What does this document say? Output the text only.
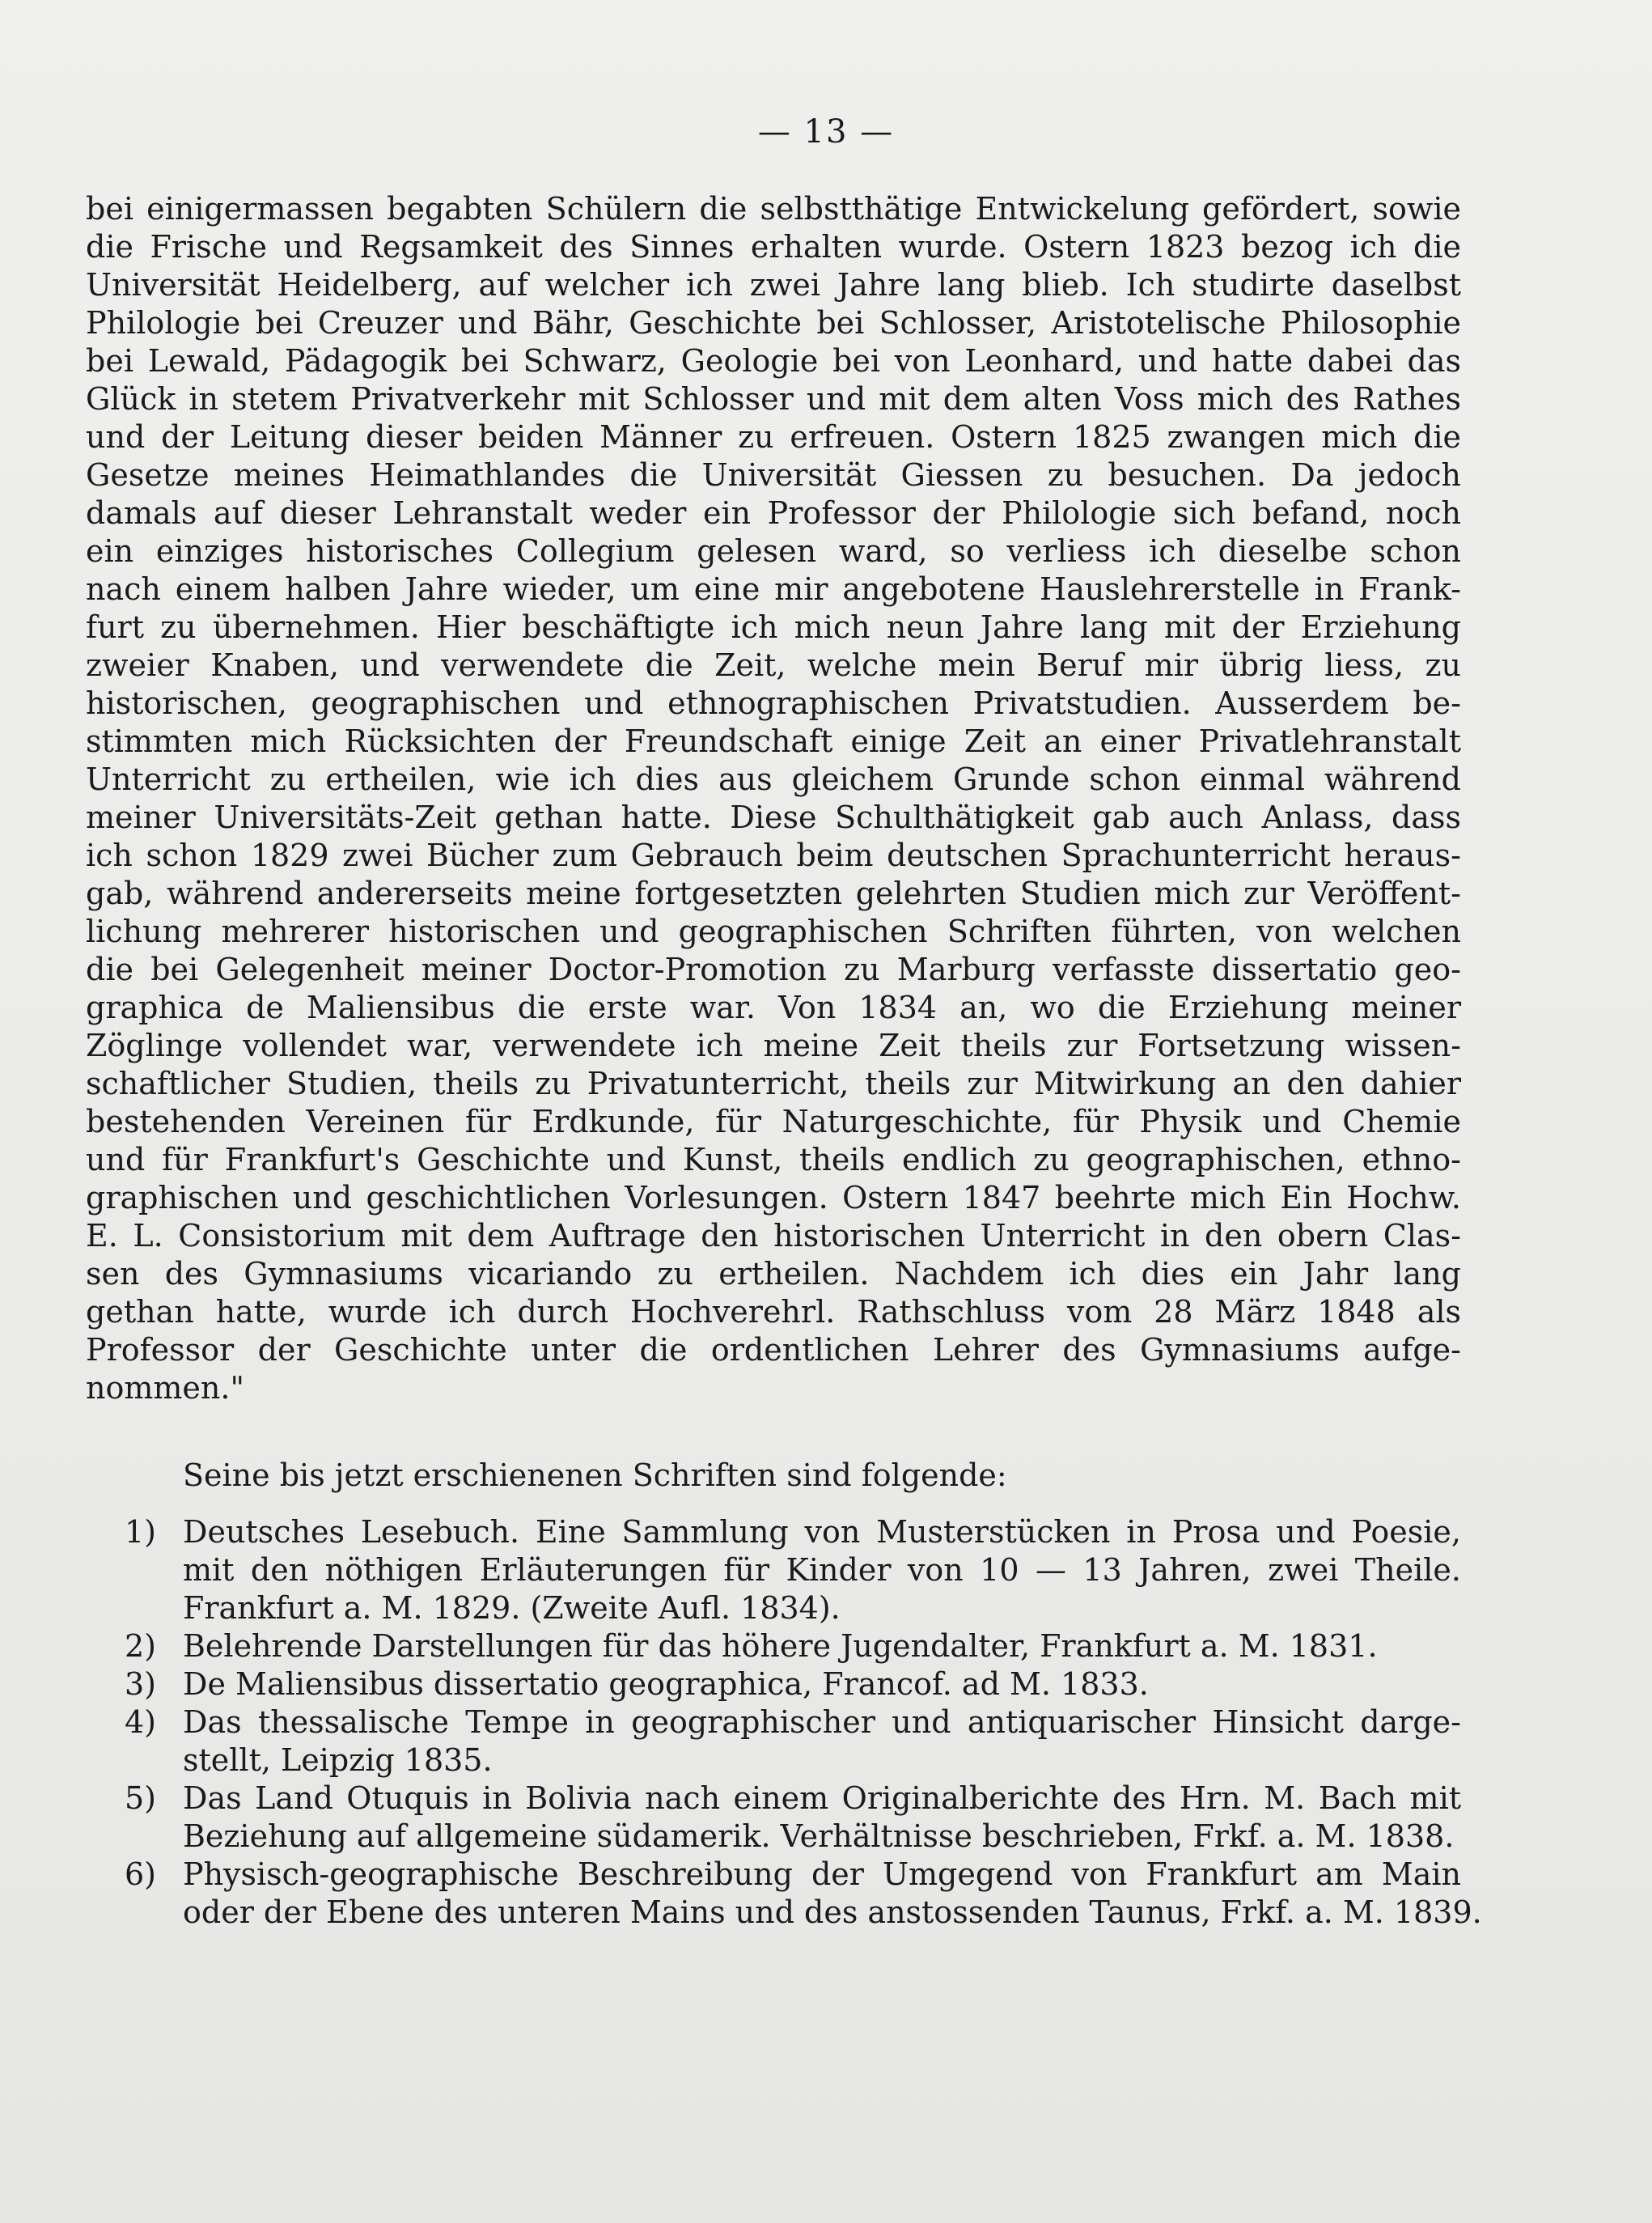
— 13 —
bei einigermassen begabten Schülern die selbstthätige Entwickelung gefördert, sowie
die Frische und Regsamkeit des Sinnes erhalten wurde. Ostern 1823 bezog ich die
Universität Heidelberg, auf welcher ich zwei Jahre lang blieb. Ich studirte daselbst
Philologie bei Creuzer und Bähr, Geschichte bei Schlosser, Aristotelische Philosophie
bei Lewald, Pädagogik bei Schwarz, Geologie bei von Leonhard, und hatte dabei das
Glück in stetem Privatverkehr mit Schlosser und mit dem alten Voss mich des Rathes
und der Leitung dieser beiden Männer zu erfreuen. Ostern 1825 zwangen mich die
Gesetze meines Heimathlandes die Universität Giessen zu besuchen. Da jedoch
damals auf dieser Lehranstalt weder ein Professor der Philologie sich befand, noch
ein einziges historisches Collegium gelesen ward, so verliess ich dieselbe schon
nach einem halben Jahre wieder, um eine mir angebotene Hauslehrerstelle in Frank-
furt zu übernehmen. Hier beschäftigte ich mich neun Jahre lang mit der Erziehung
zweier Knaben, und verwendete die Zeit, welche mein Beruf mir übrig liess, zu
historischen, geographischen und ethnographischen Privatstudien. Ausserdem be-
stimmten mich Rücksichten der Freundschaft einige Zeit an einer Privatlehranstalt
Unterricht zu ertheilen, wie ich dies aus gleichem Grunde schon einmal während
meiner Universitäts-Zeit gethan hatte. Diese Schulthätigkeit gab auch Anlass, dass
ich schon 1829 zwei Bücher zum Gebrauch beim deutschen Sprachunterricht heraus-
gab, während andererseits meine fortgesetzten gelehrten Studien mich zur Veröffent-
lichung mehrerer historischen und geographischen Schriften führten, von welchen
die bei Gelegenheit meiner Doctor-Promotion zu Marburg verfasste dissertatio geo-
graphica de Maliensibus die erste war. Von 1834 an, wo die Erziehung meiner
Zöglinge vollendet war, verwendete ich meine Zeit theils zur Fortsetzung wissen-
schaftlicher Studien, theils zu Privatunterricht, theils zur Mitwirkung an den dahier
bestehenden Vereinen für Erdkunde, für Naturgeschichte, für Physik und Chemie
und für Frankfurt's Geschichte und Kunst, theils endlich zu geographischen, ethno-
graphischen und geschichtlichen Vorlesungen. Ostern 1847 beehrte mich Ein Hochw.
E. L. Consistorium mit dem Auftrage den historischen Unterricht in den obern Clas-
sen des Gymnasiums vicariando zu ertheilen. Nachdem ich dies ein Jahr lang
gethan hatte, wurde ich durch Hochverehrl. Rathschluss vom 28 März 1848 als
Professor der Geschichte unter die ordentlichen Lehrer des Gymnasiums aufge-
nommen."
Seine bis jetzt erschienenen Schriften sind folgende:
1) Deutsches Lesebuch. Eine Sammlung von Musterstücken in Prosa und Poesie,
mit den nöthigen Erläuterungen für Kinder von 10 — 13 Jahren, zwei Theile.
Frankfurt a. M. 1829. (Zweite Aufl. 1834).
2) Belehrende Darstellungen für das höhere Jugendalter, Frankfurt a. M. 1831.
3) De Maliensibus dissertatio geographica, Francof. ad M. 1833.
4) Das thessalische Tempe in geographischer und antiquarischer Hinsicht darge-
stellt, Leipzig 1835.
5) Das Land Otuquis in Bolivia nach einem Originalberichte des Hrn. M. Bach mit
Beziehung auf allgemeine südamerik. Verhältnisse beschrieben, Frkf. a. M. 1838.
6) Physisch-geographische Beschreibung der Umgegend von Frankfurt am Main
oder der Ebene des unteren Mains und des anstossenden Taunus, Frkf. a. M. 1839.
